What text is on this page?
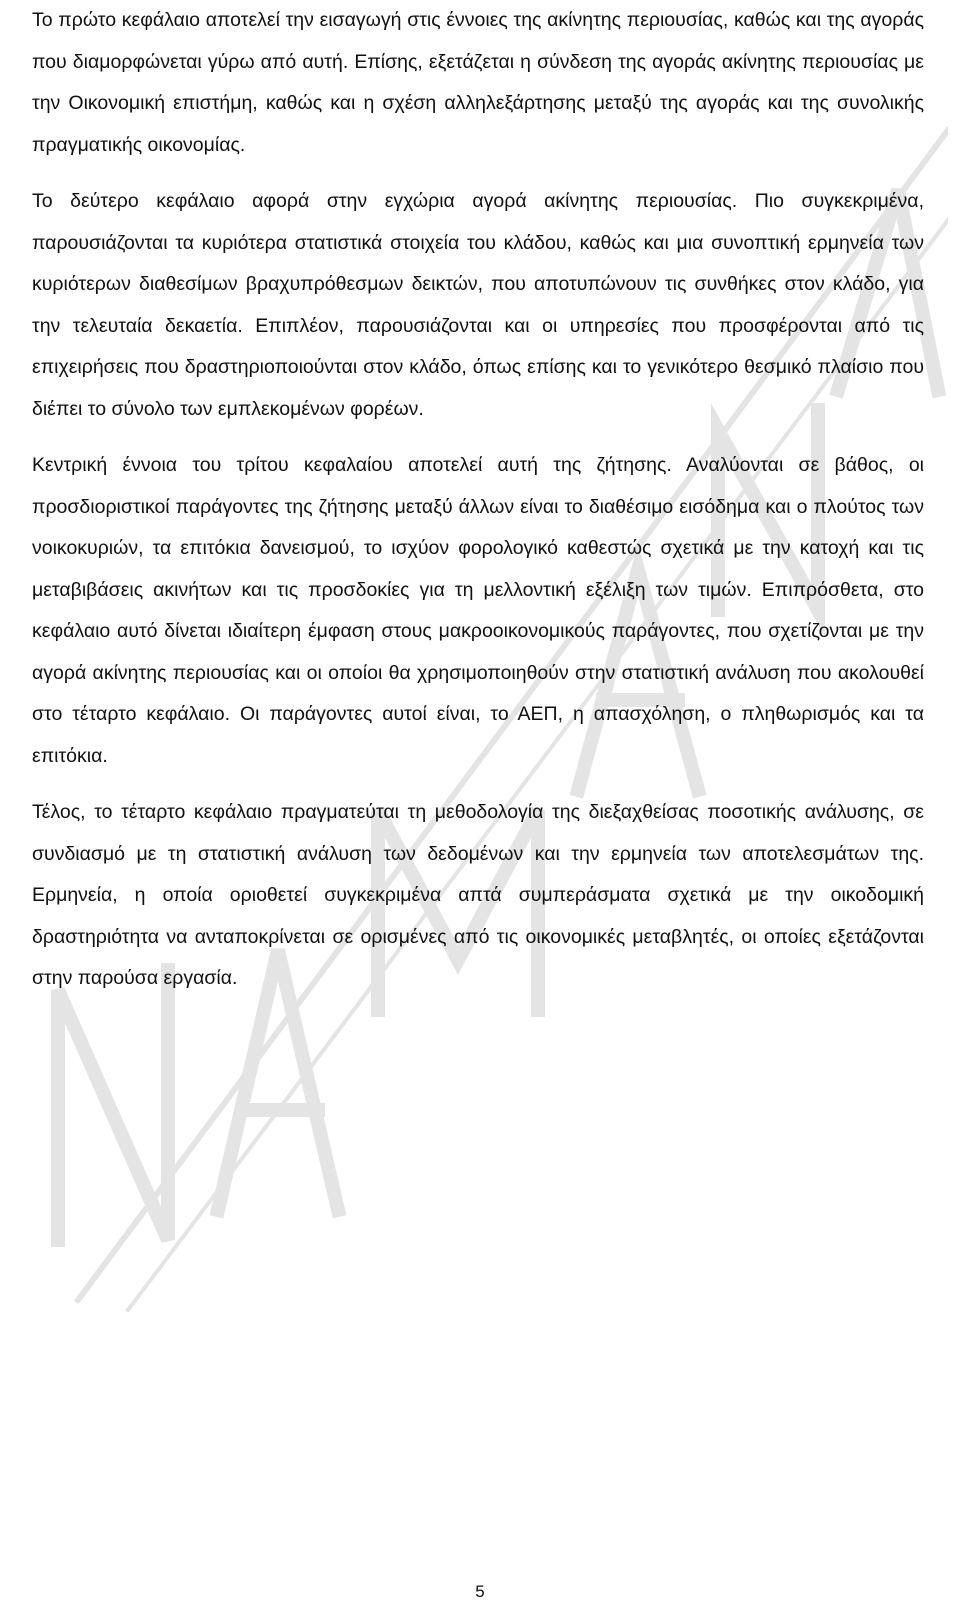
Το πρώτο κεφάλαιο αποτελεί την εισαγωγή στις έννοιες της ακίνητης περιουσίας, καθώς και της αγοράς που διαμορφώνεται γύρω από αυτή. Επίσης, εξετάζεται η σύνδεση της αγοράς ακίνητης περιουσίας με την Οικονομική επιστήμη, καθώς και η σχέση αλληλεξάρτησης μεταξύ της αγοράς και της συνολικής πραγματικής οικονομίας.

Το δεύτερο κεφάλαιο αφορά στην εγχώρια αγορά ακίνητης περιουσίας. Πιο συγκεκριμένα, παρουσιάζονται τα κυριότερα στατιστικά στοιχεία του κλάδου, καθώς και μια συνοπτική ερμηνεία των κυριότερων διαθεσίμων βραχυπρόθεσμων δεικτών, που αποτυπώνουν τις συνθήκες στον κλάδο, για την τελευταία δεκαετία. Επιπλέον, παρουσιάζονται και οι υπηρεσίες που προσφέρονται από τις επιχειρήσεις που δραστηριοποιούνται στον κλάδο, όπως επίσης και το γενικότερο θεσμικό πλαίσιο που διέπει το σύνολο των εμπλεκομένων φορέων.

Κεντρική έννοια του τρίτου κεφαλαίου αποτελεί αυτή της ζήτησης. Αναλύονται σε βάθος, οι προσδιοριστικοί παράγοντες της ζήτησης μεταξύ άλλων είναι το διαθέσιμο εισόδημα και ο πλούτος των νοικοκυριών, τα επιτόκια δανεισμού, το ισχύον φορολογικό καθεστώς σχετικά με την κατοχή και τις μεταβιβάσεις ακινήτων και τις προσδοκίες για τη μελλοντική εξέλιξη των τιμών. Επιπρόσθετα, στο κεφάλαιο αυτό δίνεται ιδιαίτερη έμφαση στους μακροοικονομικούς παράγοντες, που σχετίζονται με την αγορά ακίνητης περιουσίας και οι οποίοι θα χρησιμοποιηθούν στην στατιστική ανάλυση που ακολουθεί στο τέταρτο κεφάλαιο. Οι παράγοντες αυτοί είναι, το ΑΕΠ, η απασχόληση, ο πληθωρισμός και τα επιτόκια.

Τέλος, το τέταρτο κεφάλαιο πραγματεύται τη μεθοδολογία της διεξαχθείσας ποσοτικής ανάλυσης, σε συνδιασμό με τη στατιστική ανάλυση των δεδομένων και την ερμηνεία των αποτελεσμάτων της. Ερμηνεία, η οποία οριοθετεί συγκεκριμένα απτά συμπεράσματα σχετικά με την οικοδομική δραστηριότητα να ανταποκρίνεται σε ορισμένες από τις οικονομικές μεταβλητές, οι οποίες εξετάζονται στην παρούσα εργασία.

5
